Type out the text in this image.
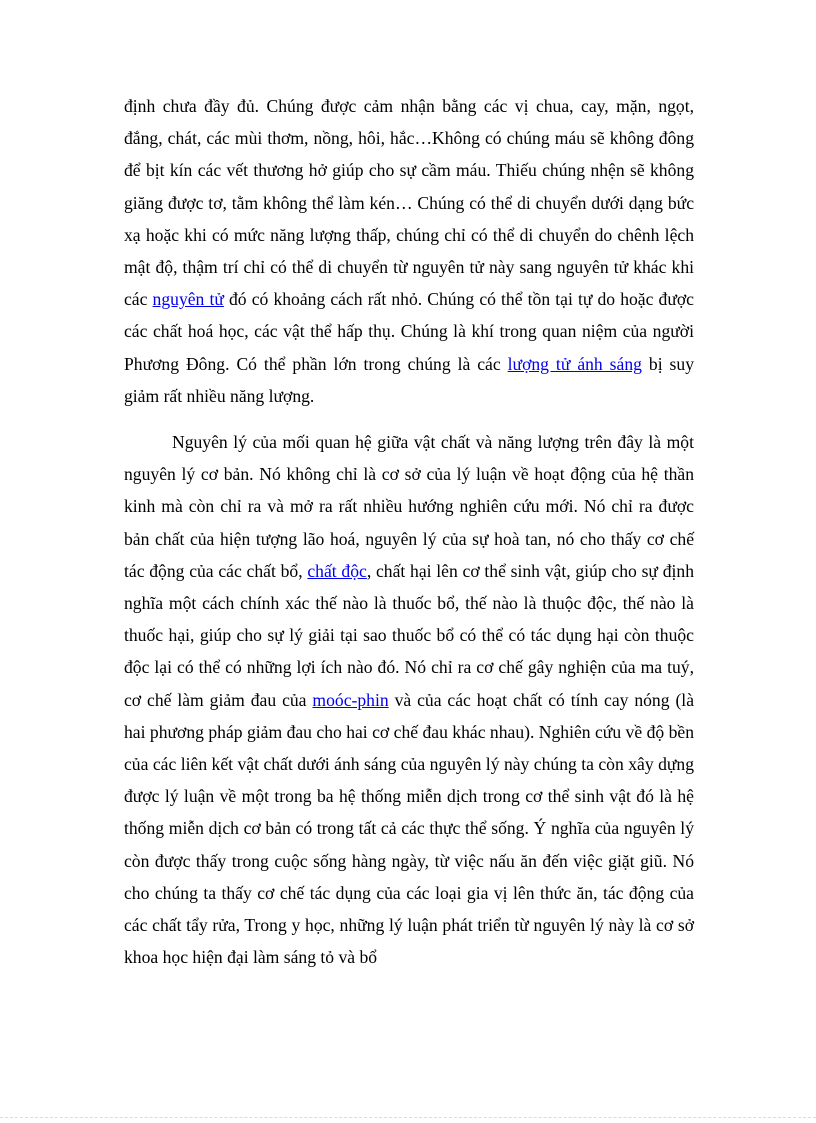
định chưa đầy đủ. Chúng được cảm nhận bằng các vị chua, cay, mặn, ngọt, đắng, chát, các mùi thơm, nồng, hôi, hắc…Không có chúng máu sẽ không đông để bịt kín các vết thương hở giúp cho sự cầm máu. Thiếu chúng nhện sẽ không giăng được tơ, tằm không thể làm kén… Chúng có thể di chuyển dưới dạng bức xạ hoặc khi có mức năng lượng thấp, chúng chỉ có thể di chuyển do chênh lệch mật độ, thậm trí chỉ có thể di chuyển từ nguyên tử này sang nguyên tử khác khi các nguyên tử đó có khoảng cách rất nhỏ. Chúng có thể tồn tại tự do hoặc được các chất hoá học, các vật thể hấp thụ. Chúng là khí trong quan niệm của người Phương Đông. Có thể phần lớn trong chúng là các lượng tử ánh sáng bị suy giảm rất nhiều năng lượng.

Nguyên lý của mối quan hệ giữa vật chất và năng lượng trên đây là một nguyên lý cơ bản. Nó không chỉ là cơ sở của lý luận về hoạt động của hệ thần kinh mà còn chỉ ra và mở ra rất nhiều hướng nghiên cứu mới. Nó chỉ ra được bản chất của hiện tượng lão hoá, nguyên lý của sự hoà tan, nó cho thấy cơ chế tác động của các chất bổ, chất độc, chất hại lên cơ thể sinh vật, giúp cho sự định nghĩa một cách chính xác thế nào là thuốc bổ, thế nào là thuộc độc, thế nào là thuốc hại, giúp cho sự lý giải tại sao thuốc bổ có thể có tác dụng hại còn thuộc độc lại có thể có những lợi ích nào đó. Nó chỉ ra cơ chế gây nghiện của ma tuý, cơ chế làm giảm đau của moóc-phin và của các hoạt chất có tính cay nóng (là hai phương pháp giảm đau cho hai cơ chế đau khác nhau). Nghiên cứu về độ bền của các liên kết vật chất dưới ánh sáng của nguyên lý này chúng ta còn xây dựng được lý luận về một trong ba hệ thống miễn dịch trong cơ thể sinh vật đó là hệ thống miễn dịch cơ bản có trong tất cả các thực thể sống. Ý nghĩa của nguyên lý còn được thấy trong cuộc sống hàng ngày, từ việc nấu ăn đến việc giặt giũ. Nó cho chúng ta thấy cơ chế tác dụng của các loại gia vị lên thức ăn, tác động của các chất tẩy rửa, Trong y học, những lý luận phát triển từ nguyên lý này là cơ sở khoa học hiện đại làm sáng tỏ và bổ
